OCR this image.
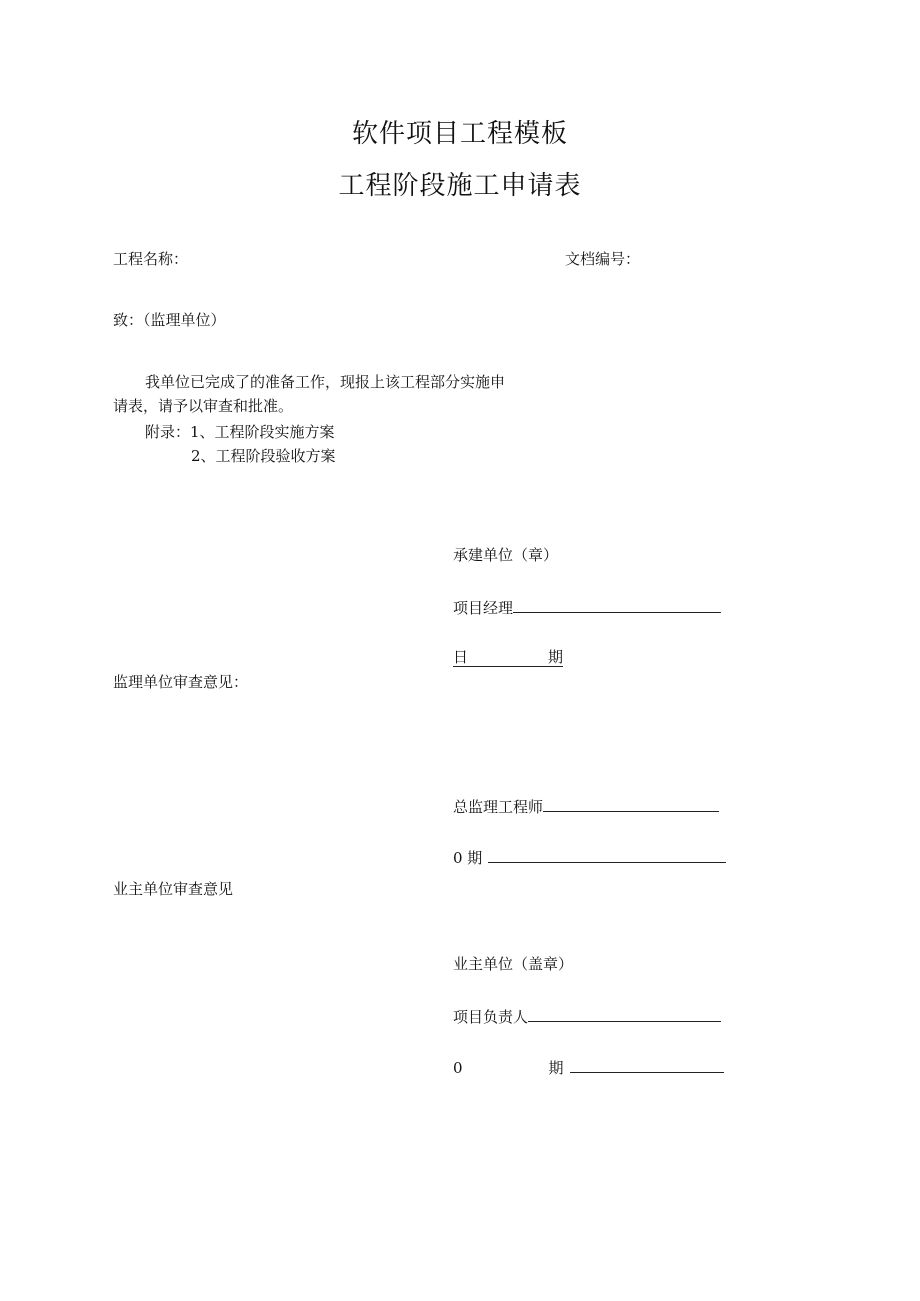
软件项目工程模板
工程阶段施工申请表
工程名称：	文档编号：
致：（监理单位）
我单位已完成了的准备工作，现报上该工程部分实施申
请表，请予以审查和批准。
附录：1、工程阶段实施方案
2、工程阶段验收方案
承建单位（章）
项目经理
日	期
监理单位审查意见：
总监理工程师
0 期
业主单位审查意见
业主单位（盖章）
项目负责人
0	期
